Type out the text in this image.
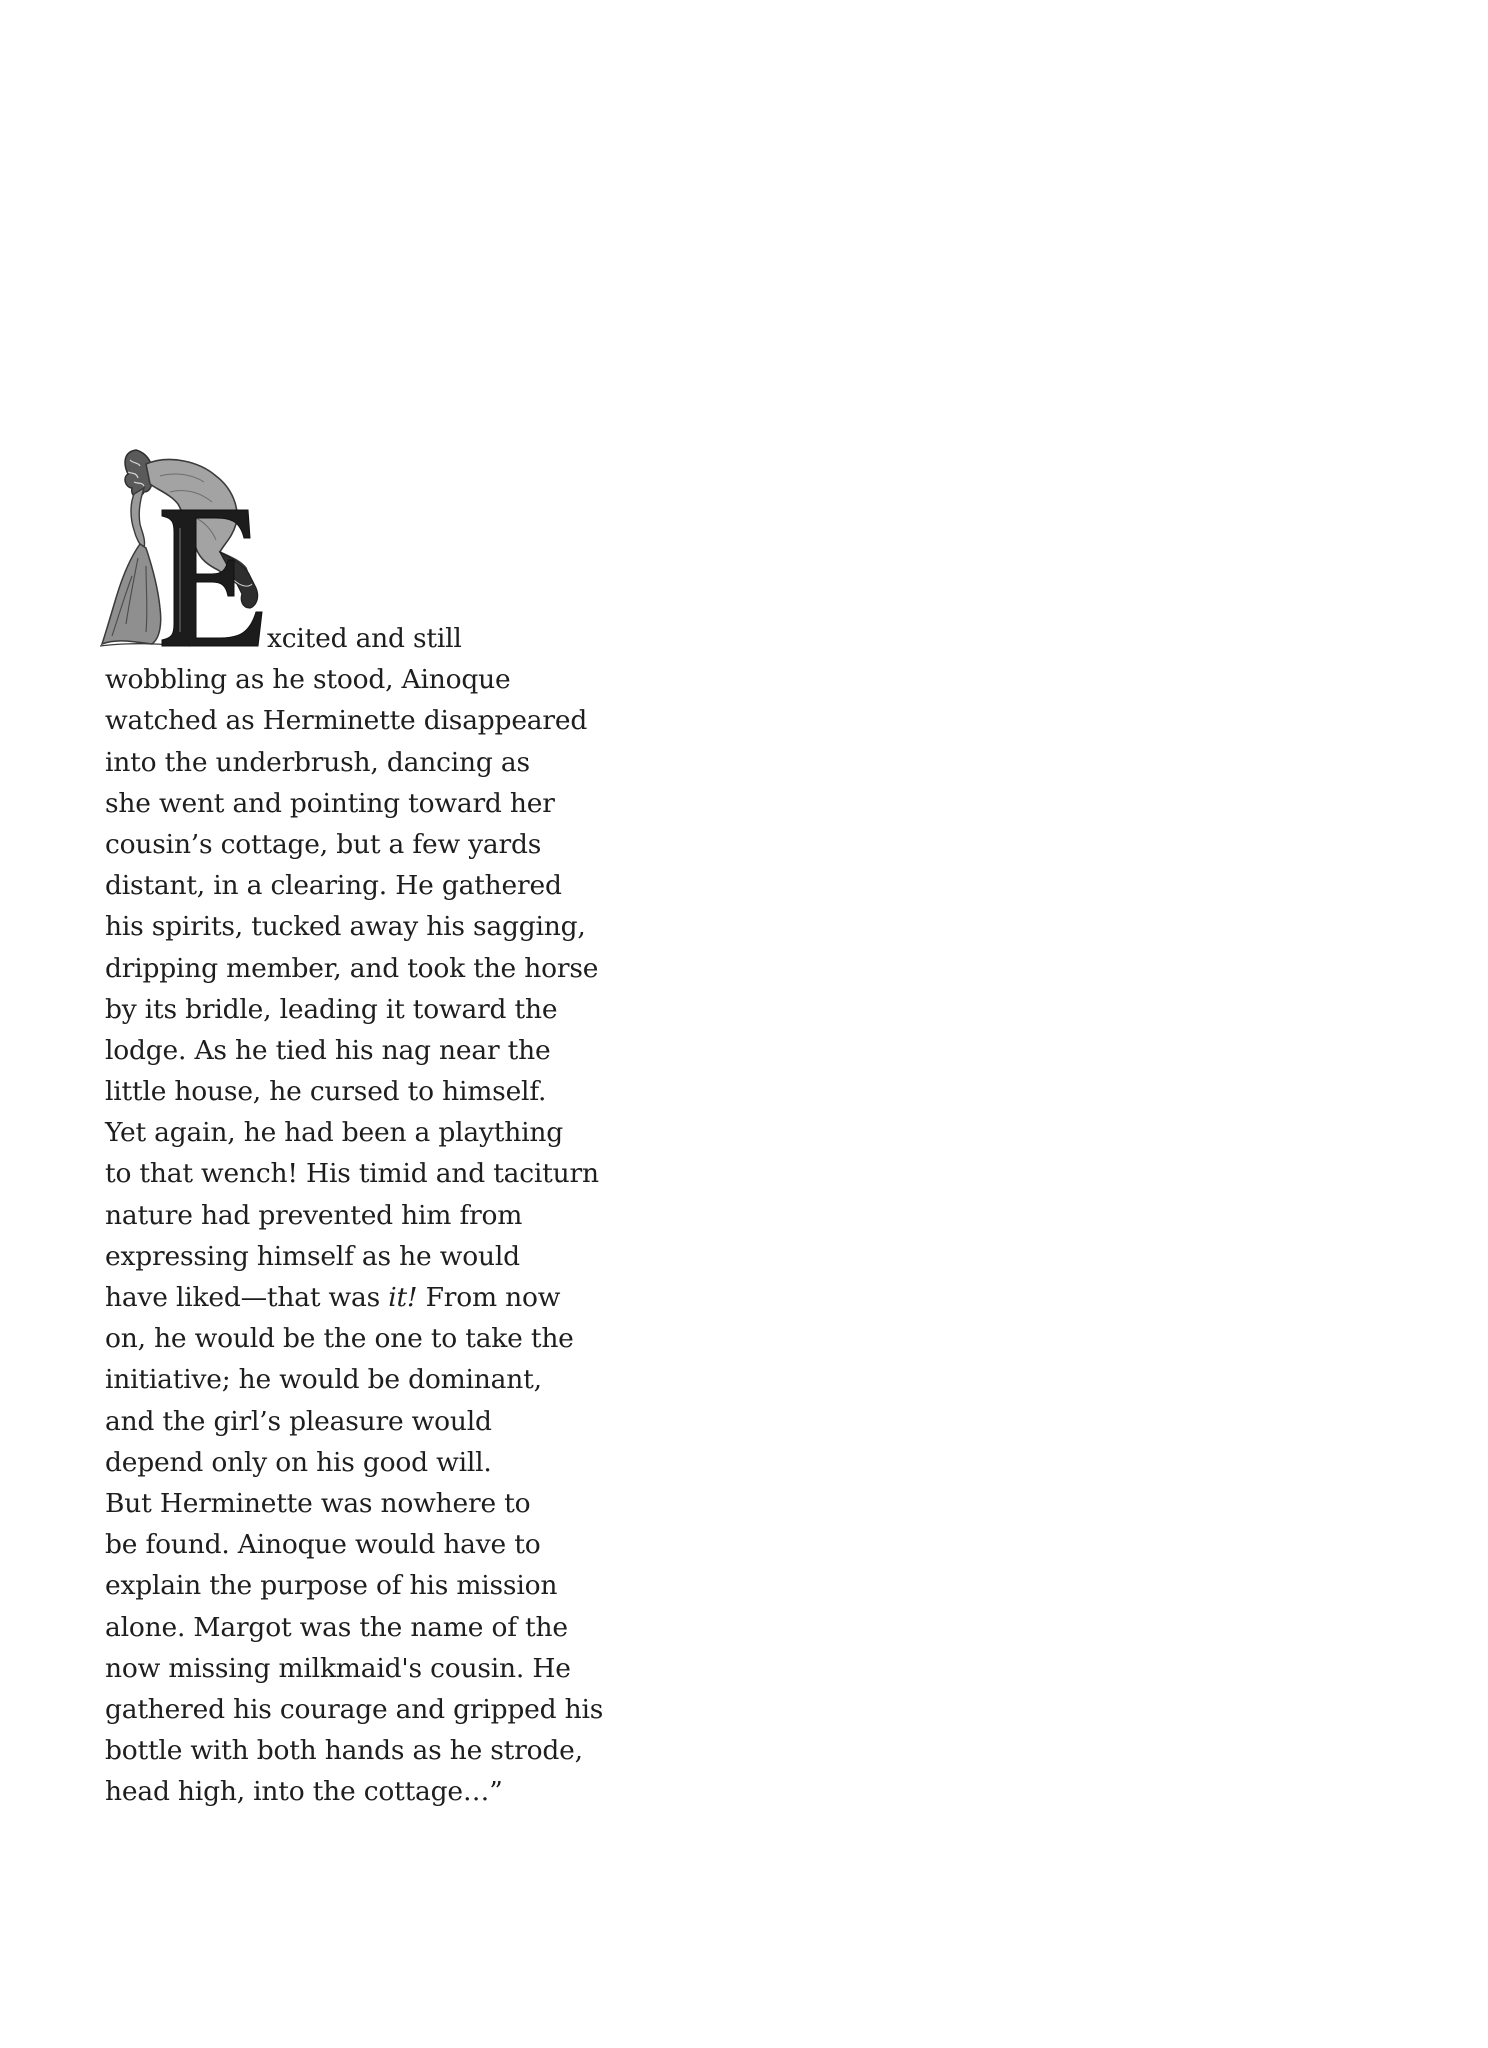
E
xcited and still
wobbling as he stood, Ainoque
watched as Herminette disappeared
into the underbrush, dancing as
she went and pointing toward her
cousin’s cottage, but a few yards
distant, in a clearing. He gathered
his spirits, tucked away his sagging,
dripping member, and took the horse
by its bridle, leading it toward the
lodge. As he tied his nag near the
little house, he cursed to himself.
Yet again, he had been a plaything
to that wench! His timid and taciturn
nature had prevented him from
expressing himself as he would
have liked—that was it! From now
on, he would be the one to take the
initiative; he would be dominant,
and the girl’s pleasure would
depend only on his good will.
But Herminette was nowhere to
be found. Ainoque would have to
explain the purpose of his mission
alone. Margot was the name of the
now missing milkmaid's cousin. He
gathered his courage and gripped his
bottle with both hands as he strode,
head high, into the cottage…”
